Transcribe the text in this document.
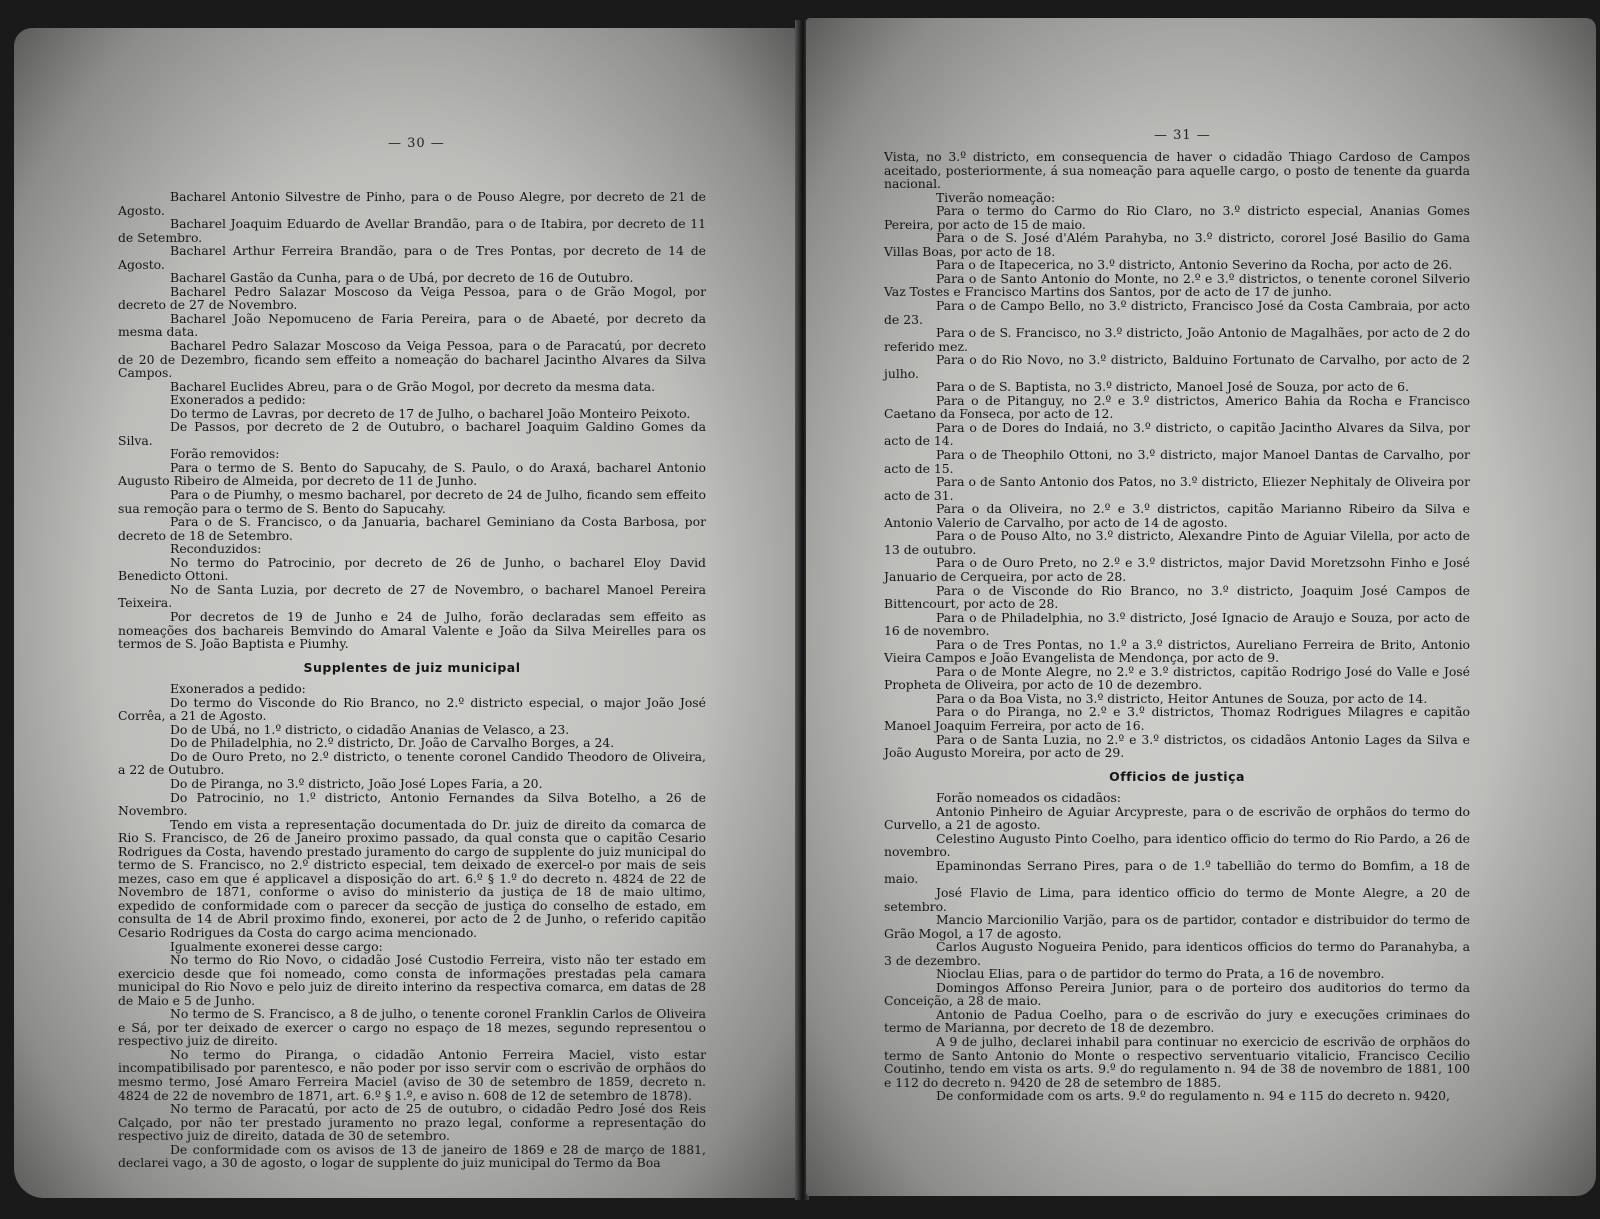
— 30 —

Bacharel Antonio Silvestre de Pinho, para o de Pouso Alegre, por decreto de 21 de Agosto.

Bacharel Joaquim Eduardo de Avellar Brandão, para o de Itabira, por decreto de 11 de Setembro.

Bacharel Arthur Ferreira Brandão, para o de Tres Pontas, por decreto de 14 de Agosto.

Bacharel Gastão da Cunha, para o de Ubá, por decreto de 16 de Outubro.

Bacharel Pedro Salazar Moscoso da Veiga Pessoa, para o de Grão Mogol, por decreto de 27 de Novembro.

Bacharel João Nepomuceno de Faria Pereira, para o de Abaeté, por decreto da mesma data.

Bacharel Pedro Salazar Moscoso da Veiga Pessoa, para o de Paracatú, por decreto de 20 de Dezembro, ficando sem effeito a nomeação do bacharel Jacintho Alvares da Silva Campos.

Bacharel Euclides Abreu, para o de Grão Mogol, por decreto da mesma data.

Exonerados a pedido:

Do termo de Lavras, por decreto de 17 de Julho, o bacharel João Monteiro Peixoto.

De Passos, por decreto de 2 de Outubro, o bacharel Joaquim Galdino Gomes da Silva.

Forão removidos:

Para o termo de S. Bento do Sapucahy, de S. Paulo, o do Araxá, bacharel Antonio Augusto Ribeiro de Almeida, por decreto de 11 de Junho.

Para o de Piumhy, o mesmo bacharel, por decreto de 24 de Julho, ficando sem effeito sua remoção para o termo de S. Bento do Sapucahy.

Para o de S. Francisco, o da Januaria, bacharel Geminiano da Costa Barbosa, por decreto de 18 de Setembro.

Reconduzidos:

No termo do Patrocinio, por decreto de 26 de Junho, o bacharel Eloy David Benedicto Ottoni.

No de Santa Luzia, por decreto de 27 de Novembro, o bacharel Manoel Pereira Teixeira.

Por decretos de 19 de Junho e 24 de Julho, forão declaradas sem effeito as nomeações dos bachareis Bemvindo do Amaral Valente e João da Silva Meirelles para os termos de S. João Baptista e Piumhy.

Supplentes de juiz municipal

Exonerados a pedido:

Do termo do Visconde do Rio Branco, no 2.º districto especial, o major João José Corrêa, a 21 de Agosto.

Do de Ubá, no 1.º districto, o cidadão Ananias de Velasco, a 23.

Do de Philadelphia, no 2.º districto, Dr. João de Carvalho Borges, a 24.

Do de Ouro Preto, no 2.º districto, o tenente coronel Candido Theodoro de Oliveira, a 22 de Outubro.

Do de Piranga, no 3.º districto, João José Lopes Faria, a 20.

Do Patrocinio, no 1.º districto, Antonio Fernandes da Silva Botelho, a 26 de Novembro.

Tendo em vista a representação documentada do Dr. juiz de direito da comarca de Rio S. Francisco, de 26 de Janeiro proximo passado, da qual consta que o capitão Cesario Rodrigues da Costa, havendo prestado juramento do cargo de supplente do juiz municipal do termo de S. Francisco, no 2.º districto especial, tem deixado de exercel-o por mais de seis mezes, caso em que é applicavel a disposição do art. 6.º § 1.º do decreto n. 4824 de 22 de Novembro de 1871, conforme o aviso do ministerio da justiça de 18 de maio ultimo, expedido de conformidade com o parecer da secção de justiça do conselho de estado, em consulta de 14 de Abril proximo findo, exonerei, por acto de 2 de Junho, o referido capitão Cesario Rodrigues da Costa do cargo acima mencionado.

Igualmente exonerei desse cargo:

No termo do Rio Novo, o cidadão José Custodio Ferreira, visto não ter estado em exercicio desde que foi nomeado, como consta de informações prestadas pela camara municipal do Rio Novo e pelo juiz de direito interino da respectiva comarca, em datas de 28 de Maio e 5 de Junho.

No termo de S. Francisco, a 8 de julho, o tenente coronel Franklin Carlos de Oliveira e Sá, por ter deixado de exercer o cargo no espaço de 18 mezes, segundo representou o respectivo juiz de direito.

No termo do Piranga, o cidadão Antonio Ferreira Maciel, visto estar incompatibilisado por parentesco, e não poder por isso servir com o escrivão de orphãos do mesmo termo, José Amaro Ferreira Maciel (aviso de 30 de setembro de 1859, decreto n. 4824 de 22 de novembro de 1871, art. 6.º § 1.º, e aviso n. 608 de 12 de setembro de 1878).

No termo de Paracatú, por acto de 25 de outubro, o cidadão Pedro José dos Reis Calçado, por não ter prestado juramento no prazo legal, conforme a representação do respectivo juiz de direito, datada de 30 de setembro.

De conformidade com os avisos de 13 de janeiro de 1869 e 28 de março de 1881, declarei vago, a 30 de agosto, o logar de supplente do juiz municipal do Termo da Boa

— 31 —

Vista, no 3.º districto, em consequencia de haver o cidadão Thiago Cardoso de Campos aceitado, posteriormente, á sua nomeação para aquelle cargo, o posto de tenente da guarda nacional.

Tiverão nomeação:

Para o termo do Carmo do Rio Claro, no 3.º districto especial, Ananias Gomes Pereira, por acto de 15 de maio.

Para o de S. José d'Além Parahyba, no 3.º districto, cororel José Basilio do Gama Villas Boas, por acto de 18.

Para o de Itapecerica, no 3.º districto, Antonio Severino da Rocha, por acto de 26.

Para o de Santo Antonio do Monte, no 2.º e 3.º districtos, o tenente coronel Silverio Vaz Tostes e Francisco Martins dos Santos, por de acto de 17 de junho.

Para o de Campo Bello, no 3.º districto, Francisco José da Costa Cambraia, por acto de 23.

Para o de S. Francisco, no 3.º districto, João Antonio de Magalhães, por acto de 2 do referido mez.

Para o do Rio Novo, no 3.º districto, Balduino Fortunato de Carvalho, por acto de 2 julho.

Para o de S. Baptista, no 3.º districto, Manoel José de Souza, por acto de 6.

Para o de Pitanguy, no 2.º e 3.º districtos, Americo Bahia da Rocha e Francisco Caetano da Fonseca, por acto de 12.

Para o de Dores do Indaiá, no 3.º districto, o capitão Jacintho Alvares da Silva, por acto de 14.

Para o de Theophilo Ottoni, no 3.º districto, major Manoel Dantas de Carvalho, por acto de 15.

Para o de Santo Antonio dos Patos, no 3.º districto, Eliezer Nephitaly de Oliveira por acto de 31.

Para o da Oliveira, no 2.º e 3.º districtos, capitão Marianno Ribeiro da Silva e Antonio Valerio de Carvalho, por acto de 14 de agosto.

Para o de Pouso Alto, no 3.º districto, Alexandre Pinto de Aguiar Vilella, por acto de 13 de outubro.

Para o de Ouro Preto, no 2.º e 3.º districtos, major David Moretzsohn Finho e José Januario de Cerqueira, por acto de 28.

Para o de Visconde do Rio Branco, no 3.º districto, Joaquim José Campos de Bittencourt, por acto de 28.

Para o de Philadelphia, no 3.º districto, José Ignacio de Araujo e Souza, por acto de 16 de novembro.

Para o de Tres Pontas, no 1.º a 3.º districtos, Aureliano Ferreira de Brito, Antonio Vieira Campos e João Evangelista de Mendonça, por acto de 9.

Para o de Monte Alegre, no 2.º e 3.º districtos, capitão Rodrigo José do Valle e José Propheta de Oliveira, por acto de 10 de dezembro.

Para o da Boa Vista, no 3.º districto, Heitor Antunes de Souza, por acto de 14.

Para o do Piranga, no 2.º e 3.º districtos, Thomaz Rodrigues Milagres e capitão Manoel Joaquim Ferreira, por acto de 16.

Para o de Santa Luzia, no 2.º e 3.º districtos, os cidadãos Antonio Lages da Silva e João Augusto Moreira, por acto de 29.

Officios de justiça

Forão nomeados os cidadãos:

Antonio Pinheiro de Aguiar Arcypreste, para o de escrivão de orphãos do termo do Curvello, a 21 de agosto.

Celestino Augusto Pinto Coelho, para identico officio do termo do Rio Pardo, a 26 de novembro.

Epaminondas Serrano Pires, para o de 1.º tabellião do termo do Bomfim, a 18 de maio.

José Flavio de Lima, para identico officio do termo de Monte Alegre, a 20 de setembro.

Mancio Marcionilio Varjão, para os de partidor, contador e distribuidor do termo de Grão Mogol, a 17 de agosto.

Carlos Augusto Nogueira Penido, para identicos officios do termo do Paranahyba, a 3 de dezembro.

Nioclau Elias, para o de partidor do termo do Prata, a 16 de novembro.

Domingos Affonso Pereira Junior, para o de porteiro dos auditorios do termo da Conceição, a 28 de maio.

Antonio de Padua Coelho, para o de escrivão do jury e execuções criminaes do termo de Marianna, por decreto de 18 de dezembro.

A 9 de julho, declarei inhabil para continuar no exercicio de escrivão de orphãos do termo de Santo Antonio do Monte o respectivo serventuario vitalicio, Francisco Cecilio Coutinho, tendo em vista os arts. 9.º do regulamento n. 94 de 38 de novembro de 1881, 100 e 112 do decreto n. 9420 de 28 de setembro de 1885.

De conformidade com os arts. 9.º do regulamento n. 94 e 115 do decreto n. 9420,
